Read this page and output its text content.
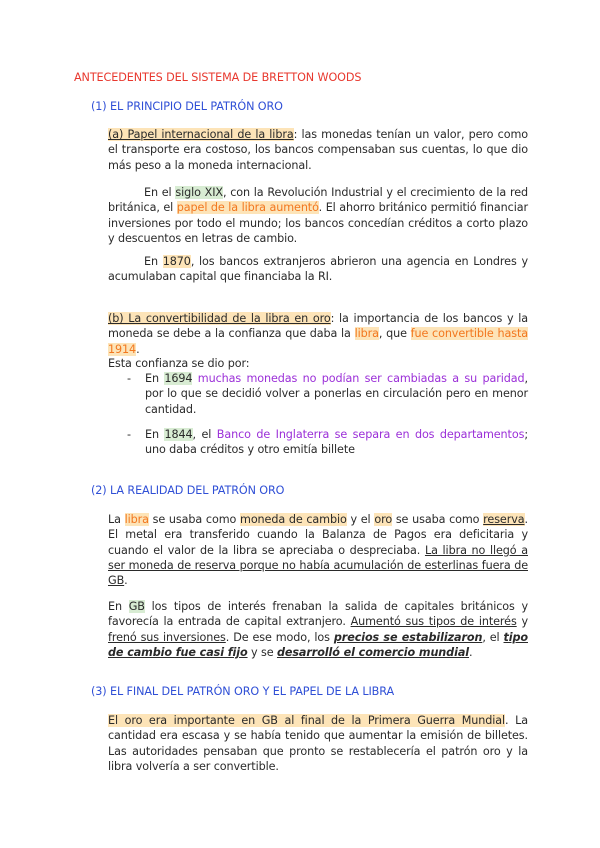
ANTECEDENTES DEL SISTEMA DE BRETTON WOODS
(1) EL PRINCIPIO DEL PATRÓN ORO

(a) Papel internacional de la libra: las monedas tenían un valor, pero como el transporte era costoso, los bancos compensaban sus cuentas, lo que dio más peso a la moneda internacional.

En el siglo XIX, con la Revolución Industrial y el crecimiento de la red británica, el papel de la libra aumentó. El ahorro británico permitió financiar inversiones por todo el mundo; los bancos concedían créditos a corto plazo y descuentos en letras de cambio.

En 1870, los bancos extranjeros abrieron una agencia en Londres y acumulaban capital que financiaba la RI.

(b) La convertibilidad de la libra en oro: la importancia de los bancos y la moneda se debe a la confianza que daba la libra, que fue convertible hasta 1914.

Esta confianza se dio por:

- En 1694 muchas monedas no podían ser cambiadas a su paridad, por lo que se decidió volver a ponerlas en circulación pero en menor cantidad.

- En 1844, el Banco de Inglaterra se separa en dos departamentos; uno daba créditos y otro emitía billete

(2) LA REALIDAD DEL PATRÓN ORO

La libra se usaba como moneda de cambio y el oro se usaba como reserva. El metal era transferido cuando la Balanza de Pagos era deficitaria y cuando el valor de la libra se apreciaba o despreciaba. La libra no llegó a ser moneda de reserva porque no había acumulación de esterlinas fuera de GB.

En GB los tipos de interés frenaban la salida de capitales británicos y favorecía la entrada de capital extranjero. Aumentó sus tipos de interés y frenó sus inversiones. De ese modo, los precios se estabilizaron, el tipo de cambio fue casi fijo y se desarrolló el comercio mundial.

(3) EL FINAL DEL PATRÓN ORO Y EL PAPEL DE LA LIBRA

El oro era importante en GB al final de la Primera Guerra Mundial. La cantidad era escasa y se había tenido que aumentar la emisión de billetes. Las autoridades pensaban que pronto se restablecería el patrón oro y la libra volvería a ser convertible.
